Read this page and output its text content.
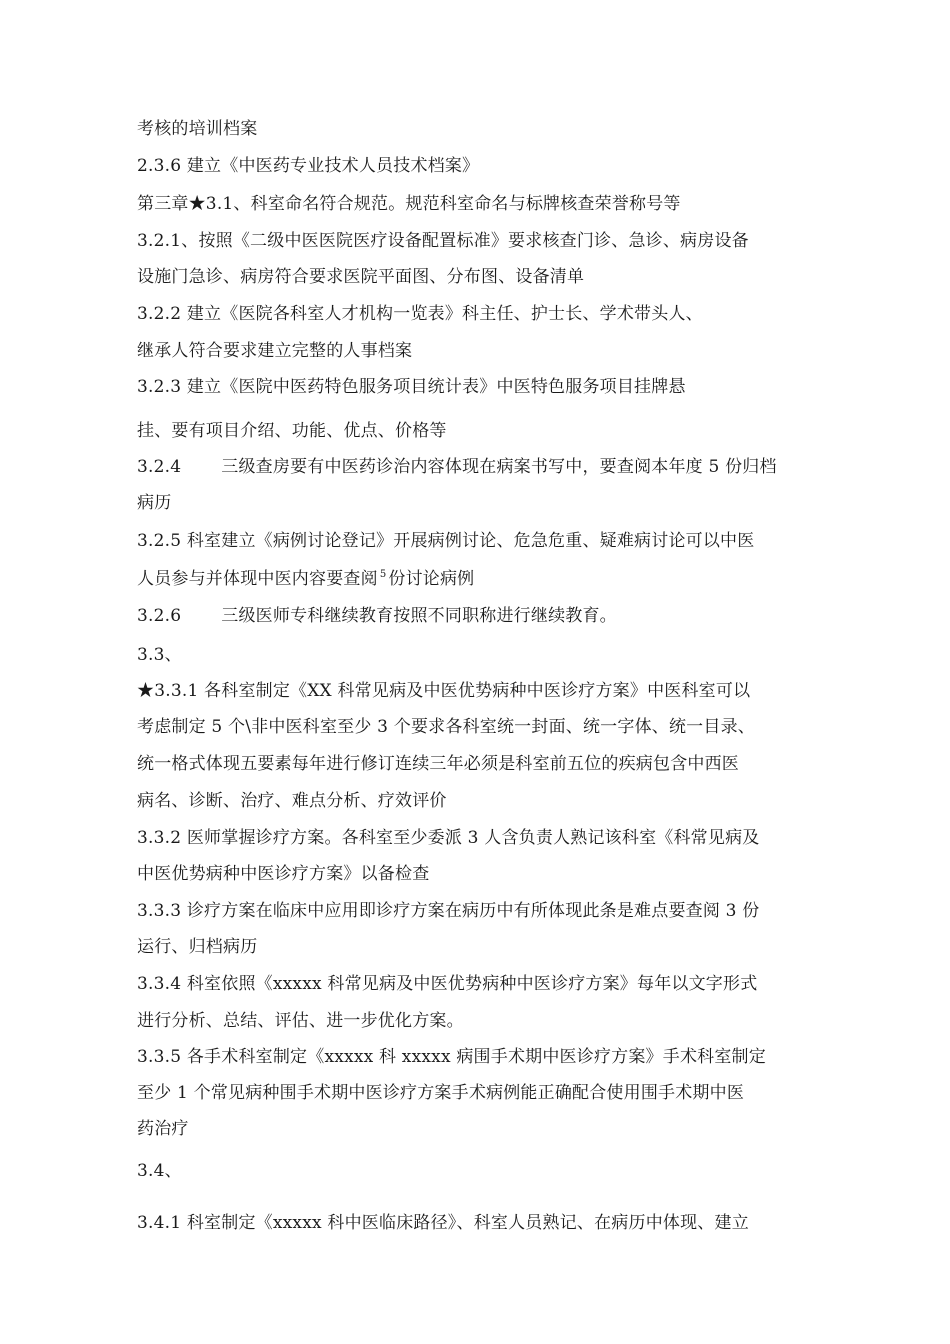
考核的培训档案
2.3.6 建立《中医药专业技术人员技术档案》
第三章★3.1、科室命名符合规范。规范科室命名与标牌核查荣誉称号等
3.2.1、按照《二级中医医院医疗设备配置标准》要求核查门诊、急诊、病房设备
设施门急诊、病房符合要求医院平面图、分布图、设备清单
3.2.2 建立《医院各科室人才机构一览表》科主任、护士长、学术带头人、
继承人符合要求建立完整的人事档案
3.2.3 建立《医院中医药特色服务项目统计表》中医特色服务项目挂牌悬
挂、要有项目介绍、功能、优点、价格等
3.2.4 三级查房要有中医药诊治内容体现在病案书写中，要查阅本年度 5 份归档
病历
3.2.5 科室建立《病例讨论登记》开展病例讨论、危急危重、疑难病讨论可以中医
人员参与并体现中医内容要查阅 $^5$ 份讨论病例
3.2.6 三级医师专科继续教育按照不同职称进行继续教育。
3.3、
★3.3.1 各科室制定《XX 科常见病及中医优势病种中医诊疗方案》中医科室可以
考虑制定 5 个\非中医科室至少 3 个要求各科室统一封面、统一字体、统一目录、
统一格式体现五要素每年进行修订连续三年必须是科室前五位的疾病包含中西医
病名、诊断、治疗、难点分析、疗效评价
3.3.2 医师掌握诊疗方案。各科室至少委派 3 人含负责人熟记该科室《科常见病及
中医优势病种中医诊疗方案》以备检查
3.3.3 诊疗方案在临床中应用即诊疗方案在病历中有所体现此条是难点要查阅 3 份
运行、归档病历
3.3.4 科室依照《xxxxx 科常见病及中医优势病种中医诊疗方案》每年以文字形式
进行分析、总结、评估、进一步优化方案。
3.3.5 各手术科室制定《xxxxx 科 xxxxx 病围手术期中医诊疗方案》手术科室制定
至少 1 个常见病种围手术期中医诊疗方案手术病例能正确配合使用围手术期中医
药治疗
3.4、
3.4.1 科室制定《xxxxx 科中医临床路径》、科室人员熟记、在病历中体现、建立
